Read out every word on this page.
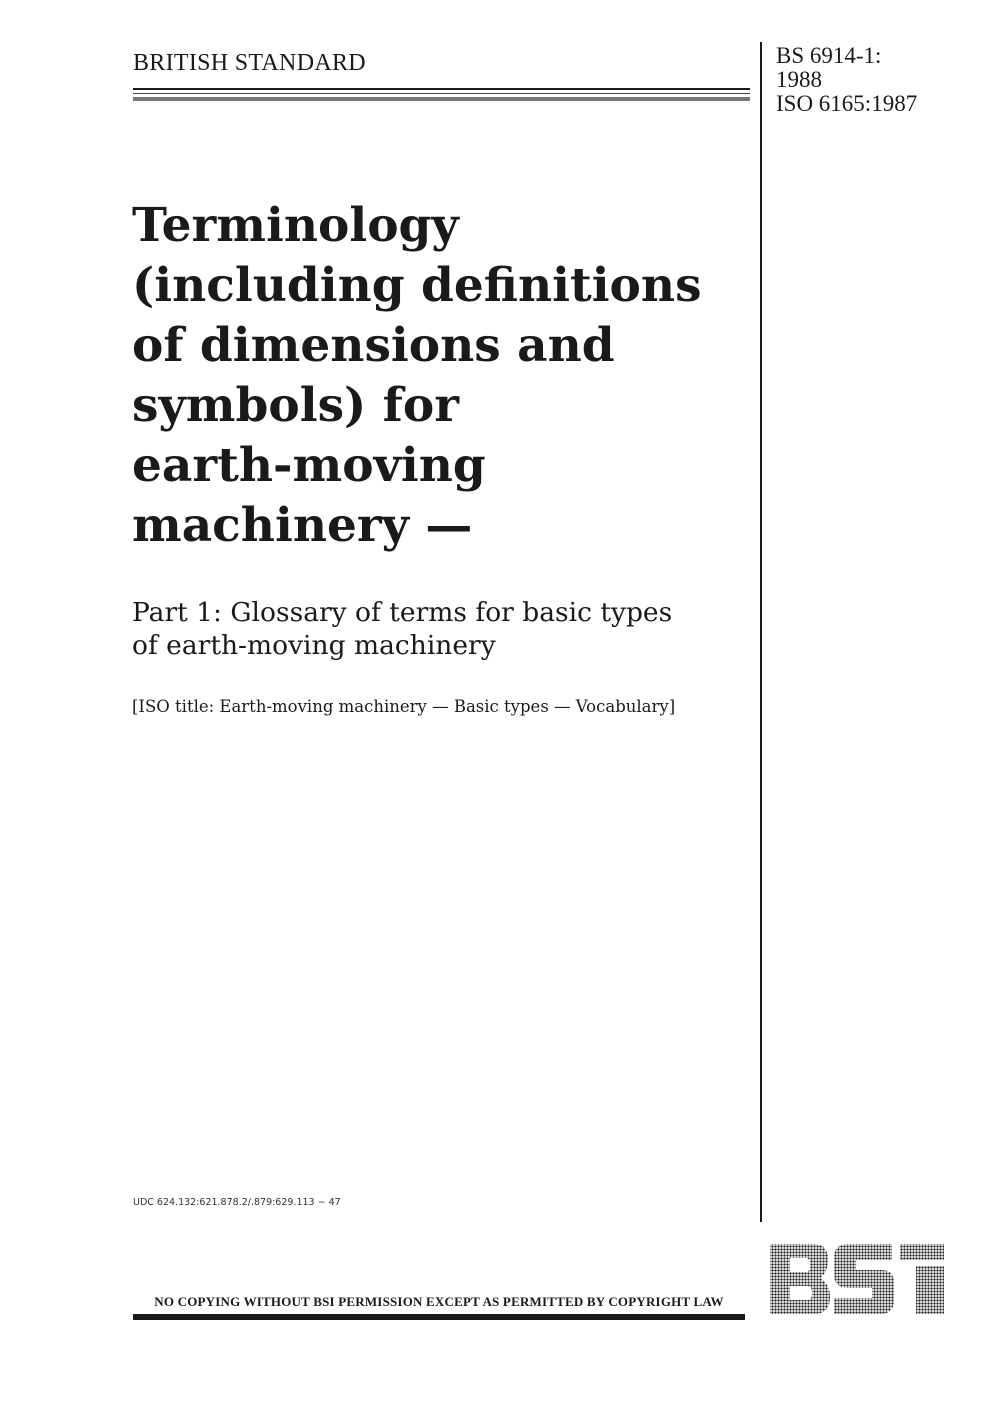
BRITISH STANDARD	BS 6914-1:
1988
ISO 6165:1987
Terminology
(including definitions
of dimensions and
symbols) for
earth-moving
machinery —
Part 1: Glossary of terms for basic types
of earth-moving machinery
[ISO title: Earth-moving machinery — Basic types — Vocabulary]
UDC 624.132:621.878.2/.879:629.113 − 47
NO COPYING WITHOUT BSI PERMISSION EXCEPT AS PERMITTED BY COPYRIGHT LAW
